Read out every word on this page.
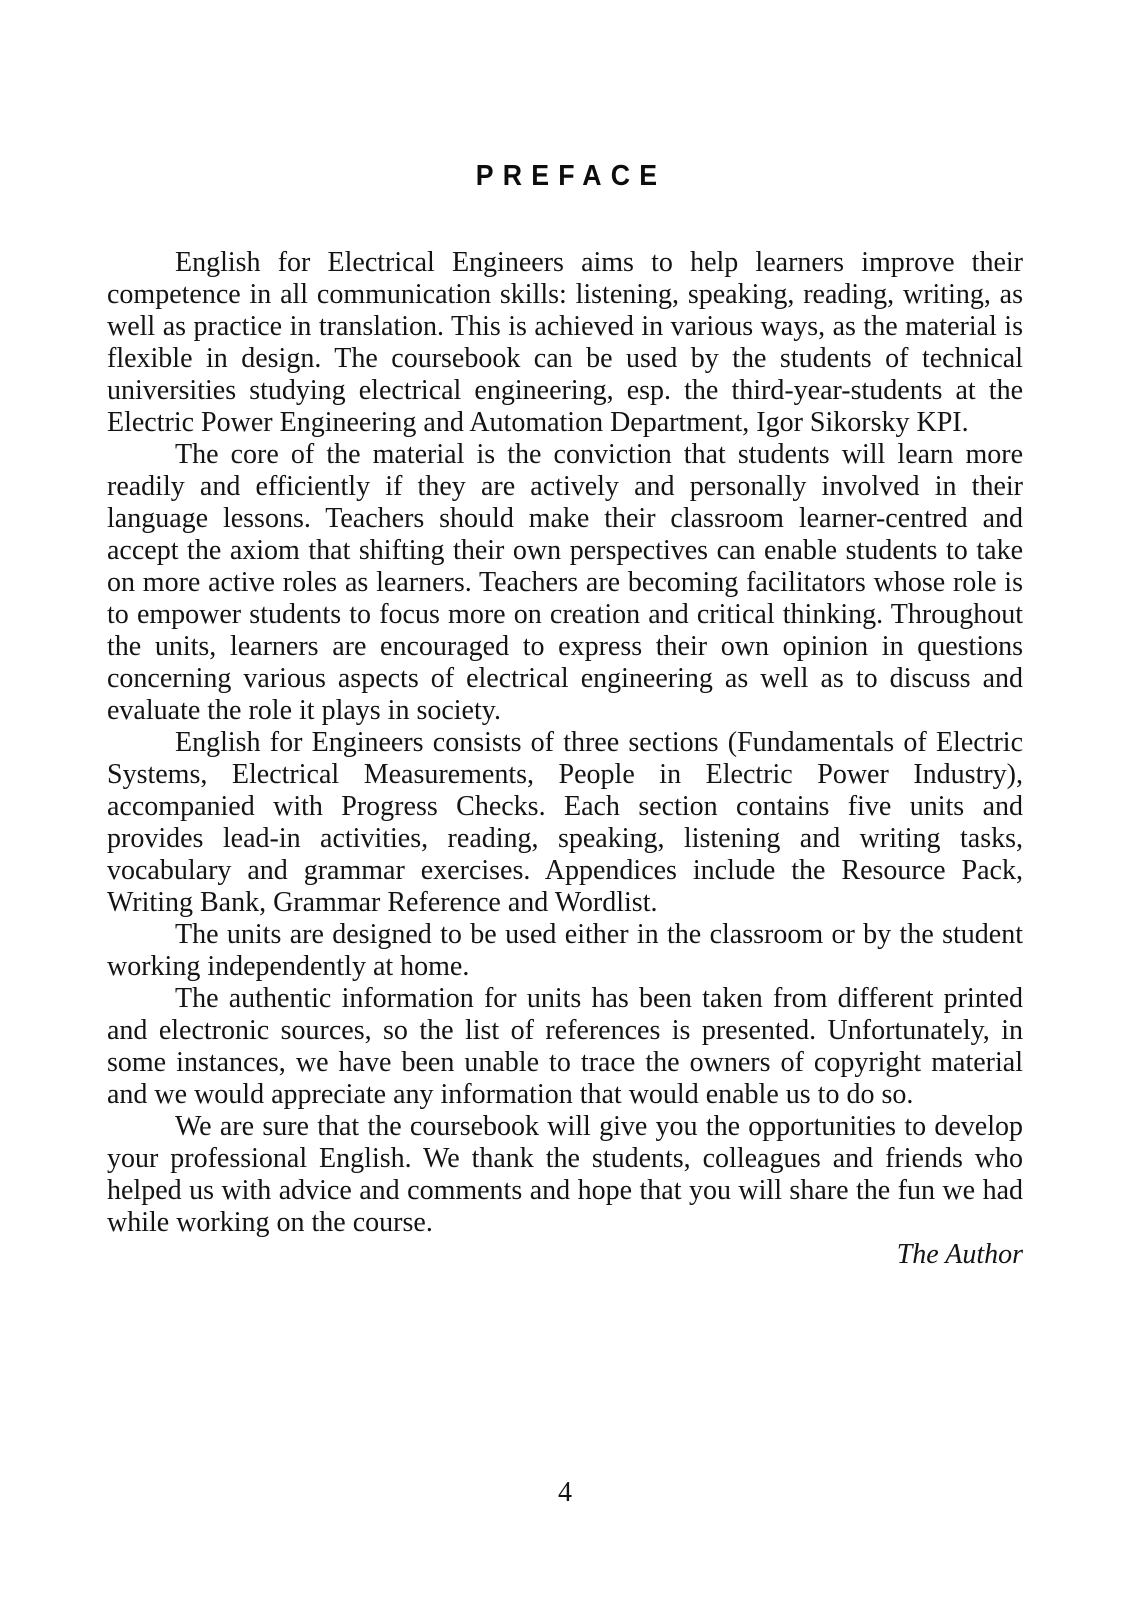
PREFACE

English for Electrical Engineers aims to help learners improve their competence in all communication skills: listening, speaking, reading, writing, as well as practice in translation. This is achieved in various ways, as the material is flexible in design. The coursebook can be used by the students of technical universities studying electrical engineering, esp. the third-year-students at the Electric Power Engineering and Automation Department, Igor Sikorsky KPI.

The core of the material is the conviction that students will learn more readily and efficiently if they are actively and personally involved in their language lessons. Teachers should make their classroom learner-centred and accept the axiom that shifting their own perspectives can enable students to take on more active roles as learners. Teachers are becoming facilitators whose role is to empower students to focus more on creation and critical thinking. Throughout the units, learners are encouraged to express their own opinion in questions concerning various aspects of electrical engineering as well as to discuss and evaluate the role it plays in society.

English for Engineers consists of three sections (Fundamentals of Electric Systems, Electrical Measurements, People in Electric Power Industry), accompanied with Progress Checks. Each section contains five units and provides lead-in activities, reading, speaking, listening and writing tasks, vocabulary and grammar exercises. Appendices include the Resource Pack, Writing Bank, Grammar Reference and Wordlist.

The units are designed to be used either in the classroom or by the student working independently at home.

The authentic information for units has been taken from different printed and electronic sources, so the list of references is presented. Unfortunately, in some instances, we have been unable to trace the owners of copyright material and we would appreciate any information that would enable us to do so.

We are sure that the coursebook will give you the opportunities to develop your professional English. We thank the students, colleagues and friends who helped us with advice and comments and hope that you will share the fun we had while working on the course.

The Author

4
